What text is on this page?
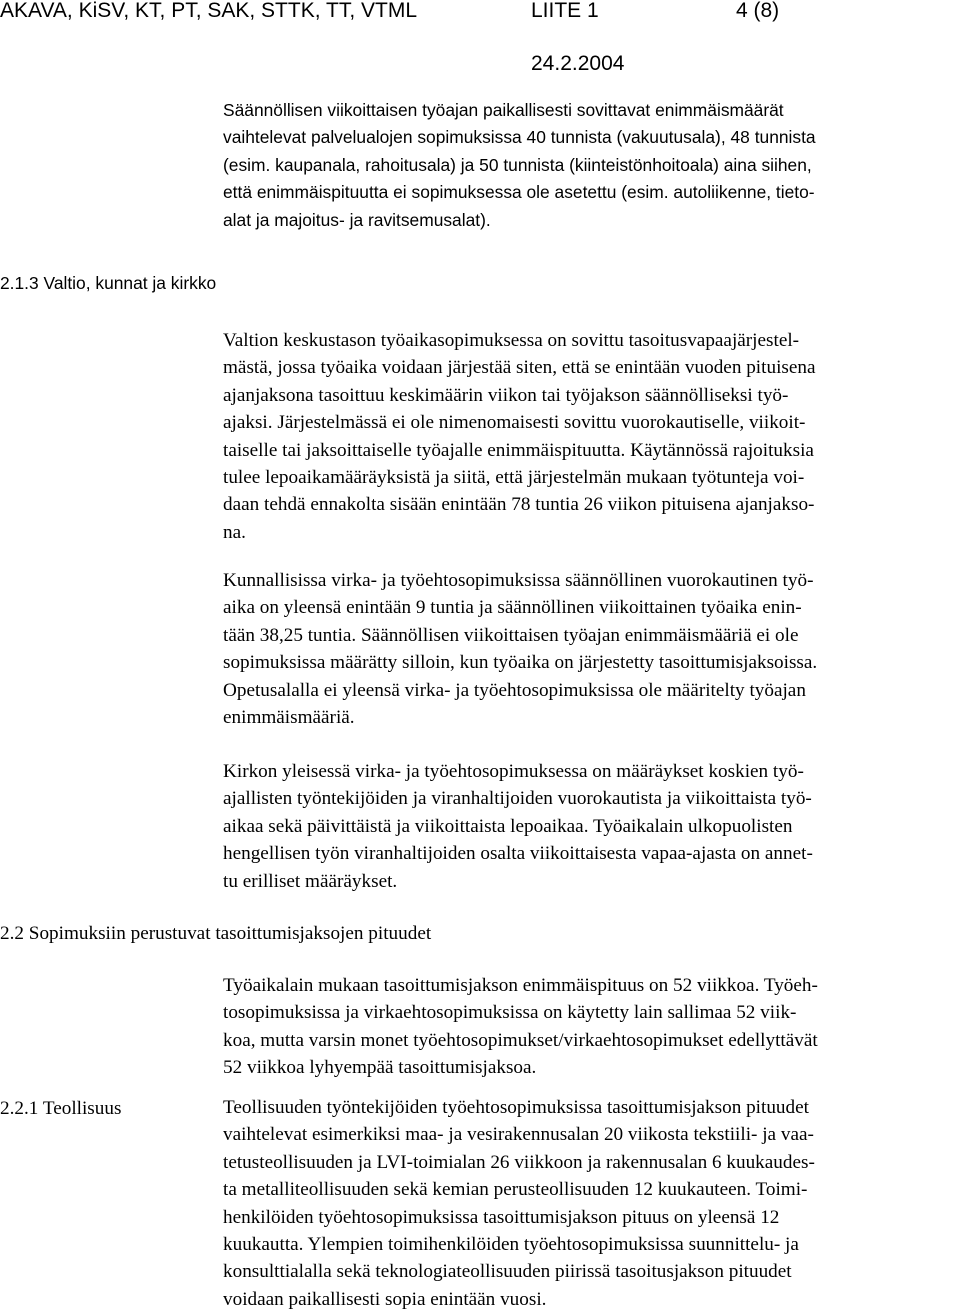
AKAVA, KiSV, KT, PT, SAK, STTK, TT, VTML	LIITE 1	4 (8)
24.2.2004
Säännöllisen viikoittaisen työajan paikallisesti sovittavat enimmäismäärät
vaihtelevat palvelualojen sopimuksissa 40 tunnista (vakuutusala), 48 tunnista
(esim. kaupanala, rahoitusala) ja 50 tunnista (kiinteistönhoitoala) aina siihen,
että enimmäispituutta ei sopimuksessa ole asetettu (esim. autoliikenne, tieto-
alat ja majoitus- ja ravitsemusalat).
2.1.3 Valtio, kunnat ja kirkko
Valtion keskustason työaikasopimuksessa on sovittu tasoitusvapaajärjestel-
mästä, jossa työaika voidaan järjestää siten, että se enintään vuoden pituisena
ajanjaksona tasoittuu keskimäärin viikon tai työjakson säännölliseksi työ-
ajaksi. Järjestelmässä ei ole nimenomaisesti sovittu vuorokautiselle, viikoit-
taiselle tai jaksoittaiselle työajalle enimmäispituutta. Käytännössä rajoituksia
tulee lepoaikamääräyksistä ja siitä, että järjestelmän mukaan työtunteja voi-
daan tehdä ennakolta sisään enintään 78 tuntia 26 viikon pituisena ajanjakso-
na.
Kunnallisissa virka- ja työehtosopimuksissa säännöllinen vuorokautinen työ-
aika on yleensä enintään 9 tuntia ja säännöllinen viikoittainen työaika enin-
tään 38,25 tuntia. Säännöllisen viikoittaisen työajan enimmäismääriä ei ole
sopimuksissa määrätty silloin, kun työaika on järjestetty tasoittumisjaksoissa.
Opetusalalla ei yleensä virka- ja työehtosopimuksissa ole määritelty työajan
enimmäismääriä.
Kirkon yleisessä virka- ja työehtosopimuksessa on määräykset koskien työ-
ajallisten työntekijöiden ja viranhaltijoiden vuorokautista ja viikoittaista työ-
aikaa sekä päivittäistä ja viikoittaista lepoaikaa. Työaikalain ulkopuolisten
hengellisen työn viranhaltijoiden osalta viikoittaisesta vapaa-ajasta on annet-
tu erilliset määräykset.
2.2 Sopimuksiin perustuvat tasoittumisjaksojen pituudet
Työaikalain mukaan tasoittumisjakson enimmäispituus on 52 viikkoa. Työeh-
tosopimuksissa ja virkaehtosopimuksissa on käytetty lain sallimaa 52 viik-
koa, mutta varsin monet työehtosopimukset/virkaehtosopimukset edellyttävät
52 viikkoa lyhyempää tasoittumisjaksoa.
2.2.1 Teollisuus	Teollisuuden työntekijöiden työehtosopimuksissa tasoittumisjakson pituudet
vaihtelevat esimerkiksi maa- ja vesirakennusalan 20 viikosta tekstiili- ja vaa-
tetusteollisuuden ja LVI-toimialan 26 viikkoon ja rakennusalan 6 kuukaudes-
ta metalliteollisuuden sekä kemian perusteollisuuden 12 kuukauteen. Toimi-
henkilöiden työehtosopimuksissa tasoittumisjakson pituus on yleensä 12
kuukautta. Ylempien toimihenkilöiden työehtosopimuksissa suunnittelu- ja
konsulttialalla sekä teknologiateollisuuden piirissä tasoitusjakson pituudet
voidaan paikallisesti sopia enintään vuosi.
